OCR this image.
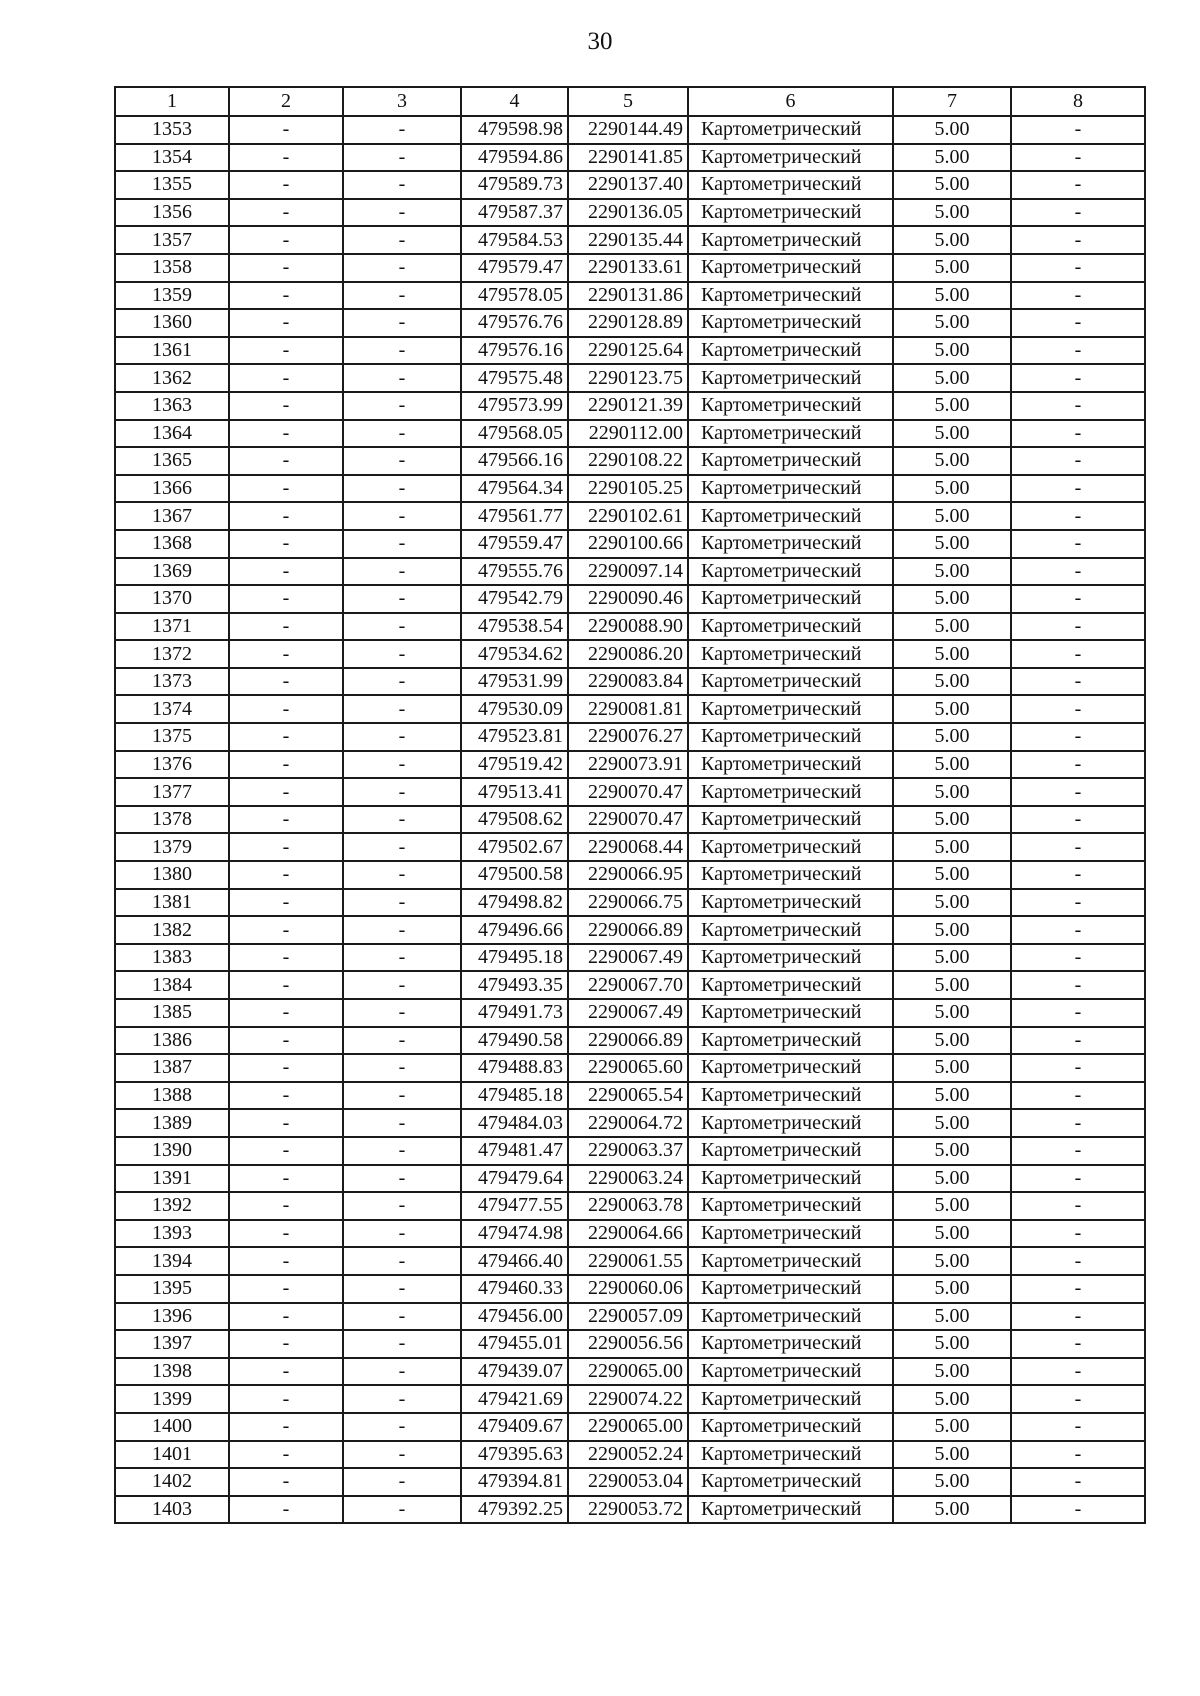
30
1	2	3	4	5	6	7	8
1353	-	-	479598.98	2290144.49	Картометрический	5.00	-
1354	-	-	479594.86	2290141.85	Картометрический	5.00	-
1355	-	-	479589.73	2290137.40	Картометрический	5.00	-
1356	-	-	479587.37	2290136.05	Картометрический	5.00	-
1357	-	-	479584.53	2290135.44	Картометрический	5.00	-
1358	-	-	479579.47	2290133.61	Картометрический	5.00	-
1359	-	-	479578.05	2290131.86	Картометрический	5.00	-
1360	-	-	479576.76	2290128.89	Картометрический	5.00	-
1361	-	-	479576.16	2290125.64	Картометрический	5.00	-
1362	-	-	479575.48	2290123.75	Картометрический	5.00	-
1363	-	-	479573.99	2290121.39	Картометрический	5.00	-
1364	-	-	479568.05	2290112.00	Картометрический	5.00	-
1365	-	-	479566.16	2290108.22	Картометрический	5.00	-
1366	-	-	479564.34	2290105.25	Картометрический	5.00	-
1367	-	-	479561.77	2290102.61	Картометрический	5.00	-
1368	-	-	479559.47	2290100.66	Картометрический	5.00	-
1369	-	-	479555.76	2290097.14	Картометрический	5.00	-
1370	-	-	479542.79	2290090.46	Картометрический	5.00	-
1371	-	-	479538.54	2290088.90	Картометрический	5.00	-
1372	-	-	479534.62	2290086.20	Картометрический	5.00	-
1373	-	-	479531.99	2290083.84	Картометрический	5.00	-
1374	-	-	479530.09	2290081.81	Картометрический	5.00	-
1375	-	-	479523.81	2290076.27	Картометрический	5.00	-
1376	-	-	479519.42	2290073.91	Картометрический	5.00	-
1377	-	-	479513.41	2290070.47	Картометрический	5.00	-
1378	-	-	479508.62	2290070.47	Картометрический	5.00	-
1379	-	-	479502.67	2290068.44	Картометрический	5.00	-
1380	-	-	479500.58	2290066.95	Картометрический	5.00	-
1381	-	-	479498.82	2290066.75	Картометрический	5.00	-
1382	-	-	479496.66	2290066.89	Картометрический	5.00	-
1383	-	-	479495.18	2290067.49	Картометрический	5.00	-
1384	-	-	479493.35	2290067.70	Картометрический	5.00	-
1385	-	-	479491.73	2290067.49	Картометрический	5.00	-
1386	-	-	479490.58	2290066.89	Картометрический	5.00	-
1387	-	-	479488.83	2290065.60	Картометрический	5.00	-
1388	-	-	479485.18	2290065.54	Картометрический	5.00	-
1389	-	-	479484.03	2290064.72	Картометрический	5.00	-
1390	-	-	479481.47	2290063.37	Картометрический	5.00	-
1391	-	-	479479.64	2290063.24	Картометрический	5.00	-
1392	-	-	479477.55	2290063.78	Картометрический	5.00	-
1393	-	-	479474.98	2290064.66	Картометрический	5.00	-
1394	-	-	479466.40	2290061.55	Картометрический	5.00	-
1395	-	-	479460.33	2290060.06	Картометрический	5.00	-
1396	-	-	479456.00	2290057.09	Картометрический	5.00	-
1397	-	-	479455.01	2290056.56	Картометрический	5.00	-
1398	-	-	479439.07	2290065.00	Картометрический	5.00	-
1399	-	-	479421.69	2290074.22	Картометрический	5.00	-
1400	-	-	479409.67	2290065.00	Картометрический	5.00	-
1401	-	-	479395.63	2290052.24	Картометрический	5.00	-
1402	-	-	479394.81	2290053.04	Картометрический	5.00	-
1403	-	-	479392.25	2290053.72	Картометрический	5.00	-
